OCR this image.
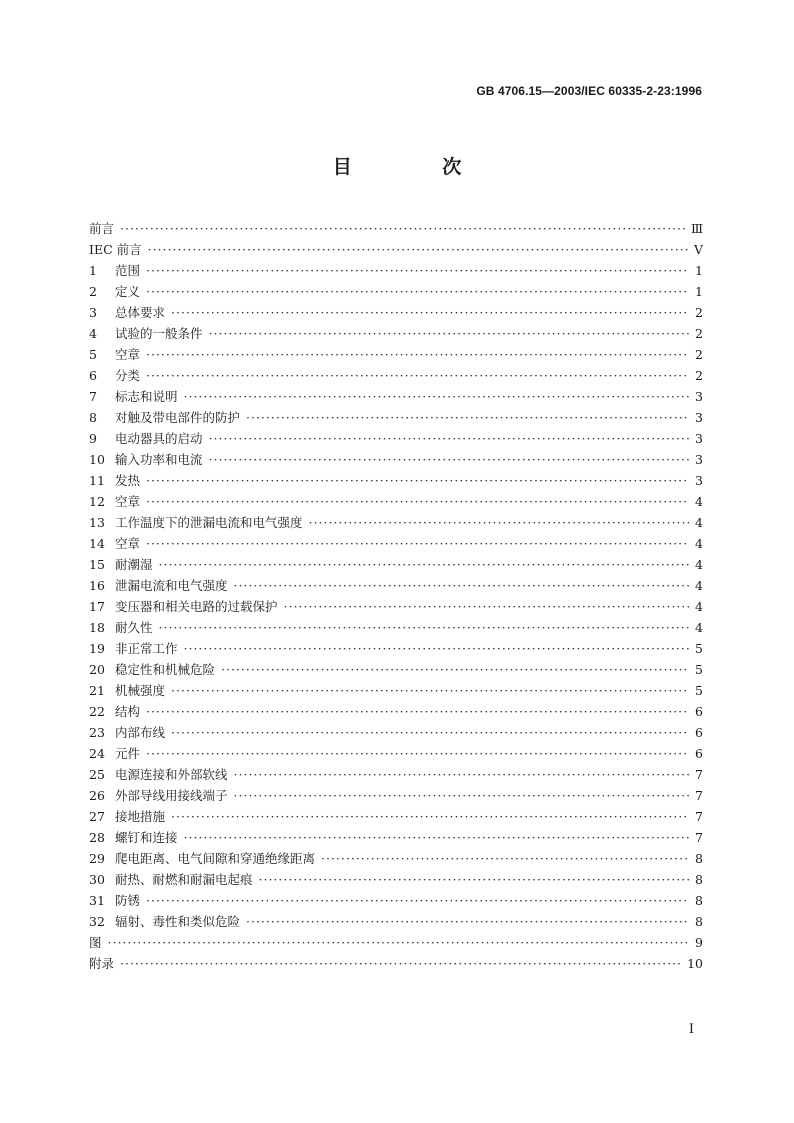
GB 4706.15—2003/IEC 60335-2-23:1996
目 次
前言 ·····	Ⅲ
IEC 前言 ·····	Ⅴ
1	范围 ·····	1
2	定义 ·····	1
3	总体要求 ·····	2
4	试验的一般条件 ·····	2
5	空章 ·····	2
6	分类 ·····	2
7	标志和说明 ·····	3
8	对触及带电部件的防护 ·····	3
9	电动器具的启动 ·····	3
10 输入功率和电流 ·····	3
11 发热 ·····	3
12 空章 ·····	4
13 工作温度下的泄漏电流和电气强度 ·····	4
14 空章 ·····	4
15 耐潮湿 ·····	4
16 泄漏电流和电气强度 ·····	4
17 变压器和相关电路的过载保护 ·····	4
18 耐久性 ·····	4
19 非正常工作 ·····	5
20 稳定性和机械危险 ·····	5
21 机械强度 ·····	5
22 结构 ·····	6
23 内部布线 ·····	6
24 元件 ·····	6
25 电源连接和外部软线 ·····	7
26 外部导线用接线端子 ·····	7
27 接地措施 ·····	7
28 螺钉和连接 ·····	7
29 爬电距离、电气间隙和穿通绝缘距离 ·····	8
30 耐热、耐燃和耐漏电起痕 ·····	8
31 防锈 ·····	8
32 辐射、毒性和类似危险 ·····	8
图 ·····	9
附录 ·····	10
I
